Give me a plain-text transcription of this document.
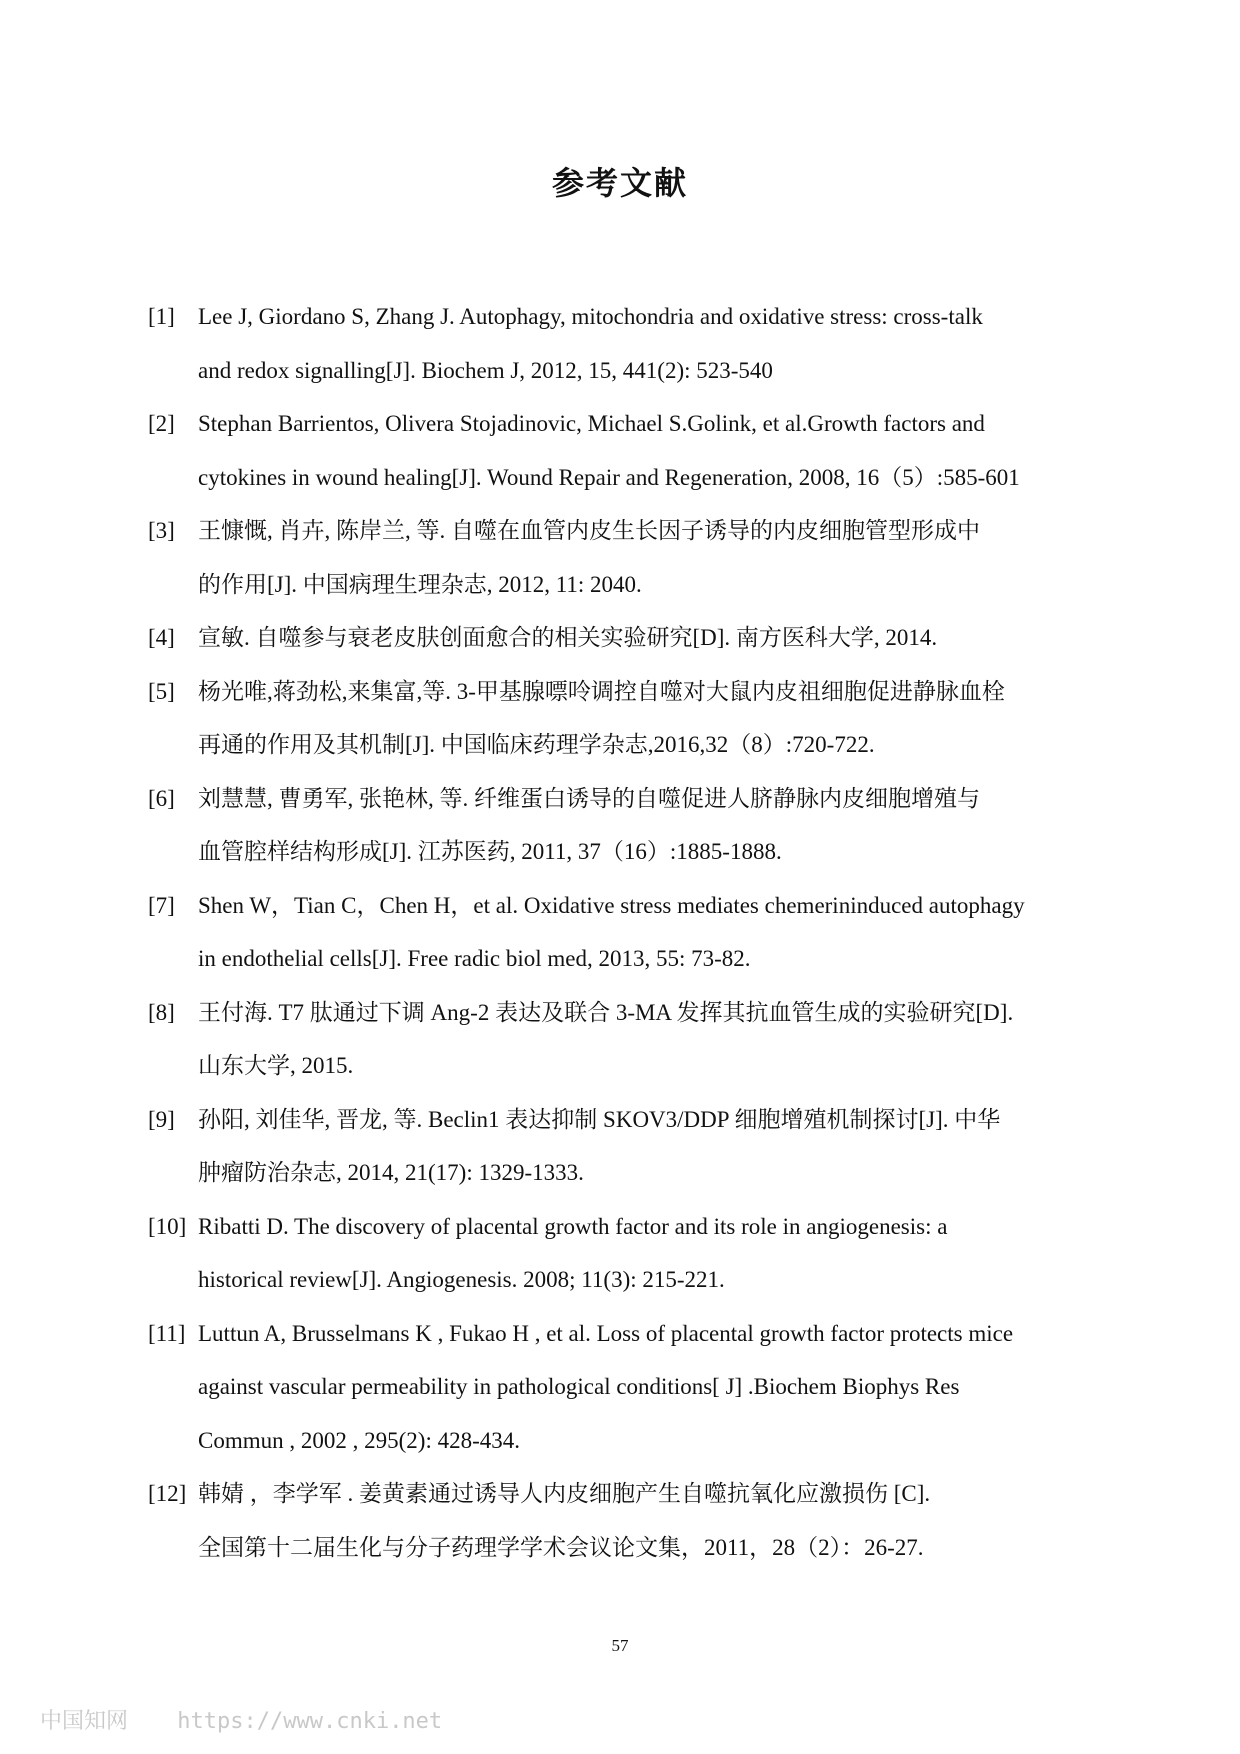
参考文献
[1] Lee J, Giordano S, Zhang J. Autophagy, mitochondria and oxidative stress: cross-talk
and redox signalling[J]. Biochem J, 2012, 15, 441(2): 523-540
[2] Stephan Barrientos, Olivera Stojadinovic, Michael S.Golink, et al.Growth factors and
cytokines in wound healing[J]. Wound Repair and Regeneration, 2008, 16（5）:585-601
[3] 王慷慨, 肖卉, 陈岸兰, 等. 自噬在血管内皮生长因子诱导的内皮细胞管型形成中
的作用[J]. 中国病理生理杂志, 2012, 11: 2040.
[4] 宣敏. 自噬参与衰老皮肤创面愈合的相关实验研究[D]. 南方医科大学, 2014.
[5] 杨光唯,蒋劲松,来集富,等. 3-甲基腺嘌呤调控自噬对大鼠内皮祖细胞促进静脉血栓
再通的作用及其机制[J]. 中国临床药理学杂志,2016,32（8）:720-722.
[6] 刘慧慧, 曹勇军, 张艳林, 等. 纤维蛋白诱导的自噬促进人脐静脉内皮细胞增殖与
血管腔样结构形成[J]. 江苏医药, 2011, 37（16）:1885-1888.
[7] Shen W，Tian C，Chen H，et al. Oxidative stress mediates chemerininduced autophagy
in endothelial cells[J]. Free radic biol med, 2013, 55: 73-82.
[8] 王付海. T7 肽通过下调 Ang-2 表达及联合 3-MA 发挥其抗血管生成的实验研究[D].
山东大学, 2015.
[9] 孙阳, 刘佳华, 晋龙, 等. Beclin1 表达抑制 SKOV3/DDP 细胞增殖机制探讨[J]. 中华
肿瘤防治杂志, 2014, 21(17): 1329-1333.
[10] Ribatti D. The discovery of placental growth factor and its role in angiogenesis: a
historical review[J]. Angiogenesis. 2008; 11(3): 215-221.
[11] Luttun A, Brusselmans K , Fukao H , et al. Loss of placental growth factor protects mice
against vascular permeability in pathological conditions[ J] .Biochem Biophys Res
Commun , 2002 , 295(2): 428-434.
[12] 韩婧 ，李学军 . 姜黄素通过诱导人内皮细胞产生自噬抗氧化应激损伤 [C].
全国第十二届生化与分子药理学学术会议论文集，2011，28（2）：26-27.
57
中国知网 https://www.cnki.net
